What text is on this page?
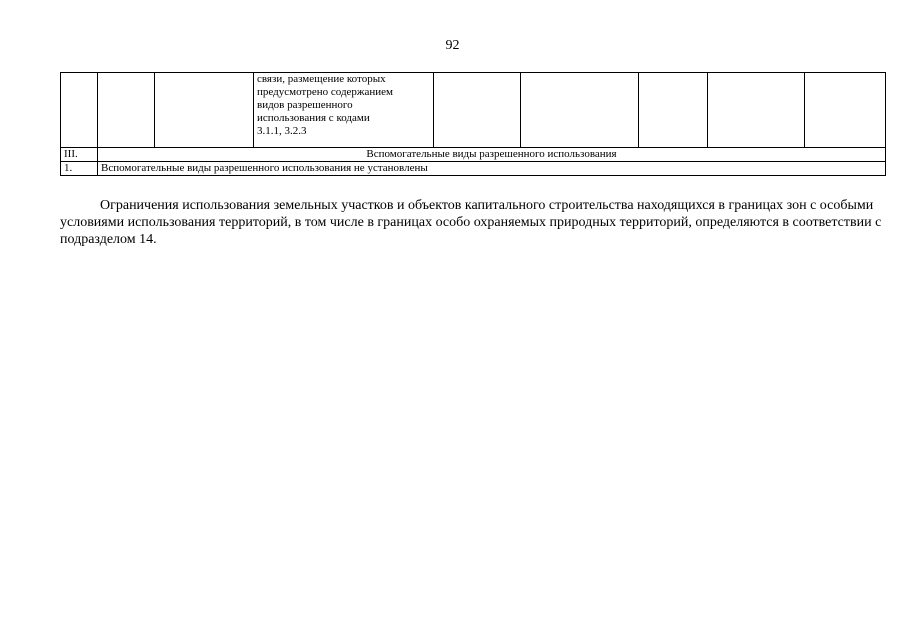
92

			связи, размещение которых
предусмотрено содержанием
видов разрешенного
использования с кодами
3.1.1, 3.2.3					

III.	Вспомогательные виды разрешенного использования							
1.	Вспомогательные виды разрешенного использования не установлены							

Ограничения использования земельных участков и объектов капитального строительства находящихся в границах зон с особыми условиями использования территорий, в том числе в границах особо охраняемых природных территорий, определяются в соответствии с подразделом 14.
